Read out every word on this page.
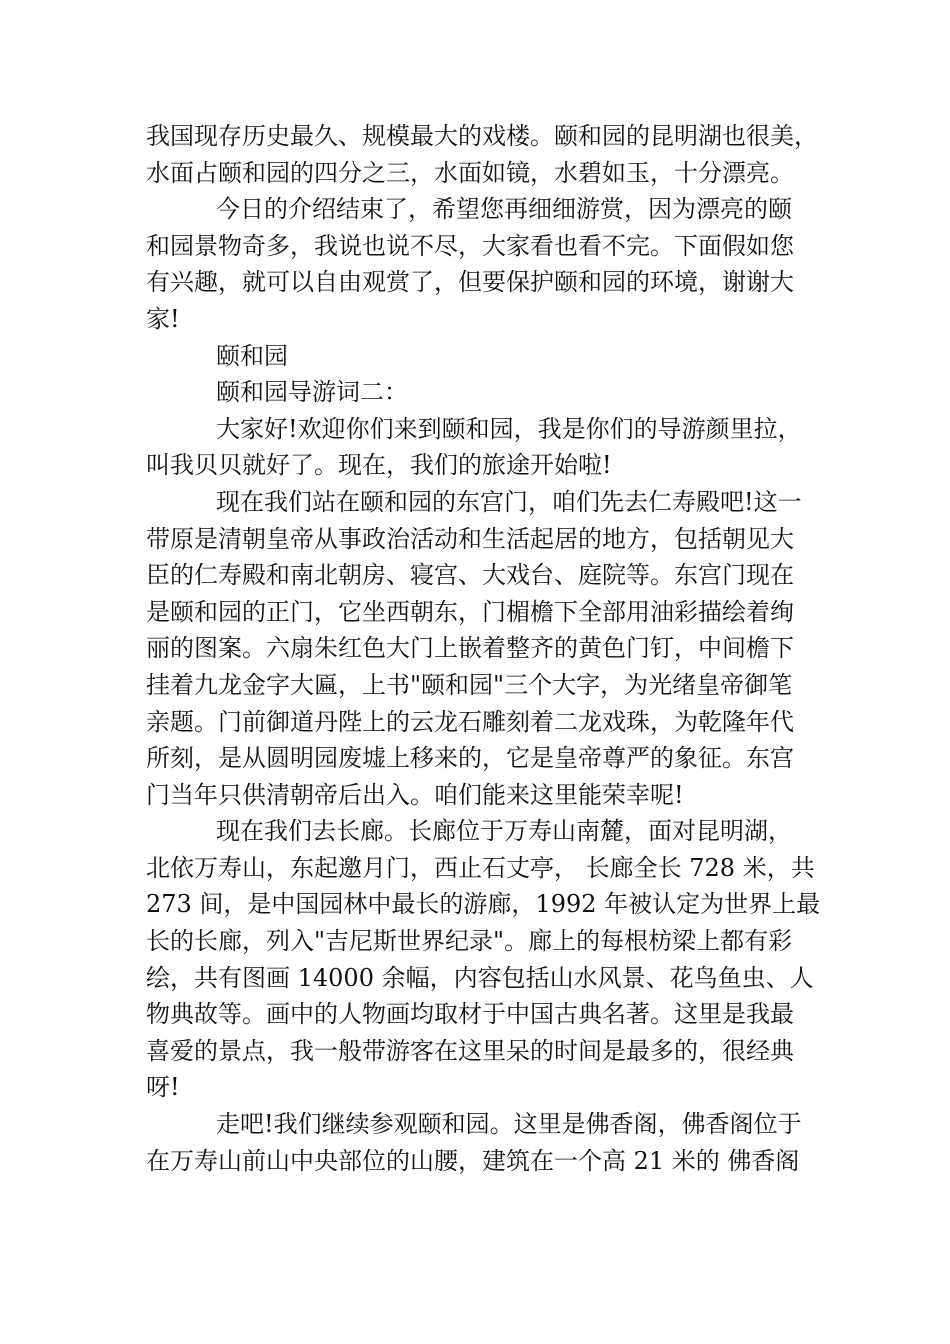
我国现存历史最久、规模最大的戏楼。颐和园的昆明湖也很美，
水面占颐和园的四分之三，水面如镜，水碧如玉，十分漂亮。
今日的介绍结束了，希望您再细细游赏，因为漂亮的颐
和园景物奇多，我说也说不尽，大家看也看不完。下面假如您
有兴趣，就可以自由观赏了，但要保护颐和园的环境，谢谢大
家!
颐和园
颐和园导游词二：
大家好!欢迎你们来到颐和园，我是你们的导游颜里拉，
叫我贝贝就好了。现在，我们的旅途开始啦!
现在我们站在颐和园的东宫门，咱们先去仁寿殿吧!这一
带原是清朝皇帝从事政治活动和生活起居的地方，包括朝见大
臣的仁寿殿和南北朝房、寝宫、大戏台、庭院等。东宫门现在
是颐和园的正门，它坐西朝东，门楣檐下全部用油彩描绘着绚
丽的图案。六扇朱红色大门上嵌着整齐的黄色门钉，中间檐下
挂着九龙金字大匾，上书"颐和园"三个大字，为光绪皇帝御笔
亲题。门前御道丹陛上的云龙石雕刻着二龙戏珠，为乾隆年代
所刻，是从圆明园废墟上移来的，它是皇帝尊严的象征。东宫
门当年只供清朝帝后出入。咱们能来这里能荣幸呢!
现在我们去长廊。长廊位于万寿山南麓，面对昆明湖，
北依万寿山，东起邀月门，西止石丈亭， 长廊全长 728 米，共
273 间，是中国园林中最长的游廊，1992 年被认定为世界上最
长的长廊，列入"吉尼斯世界纪录"。廊上的每根枋梁上都有彩
绘，共有图画 14000 余幅，内容包括山水风景、花鸟鱼虫、人
物典故等。画中的人物画均取材于中国古典名著。这里是我最
喜爱的景点，我一般带游客在这里呆的时间是最多的，很经典
呀!
走吧!我们继续参观颐和园。这里是佛香阁，佛香阁位于
在万寿山前山中央部位的山腰，建筑在一个高 21 米的 佛香阁
